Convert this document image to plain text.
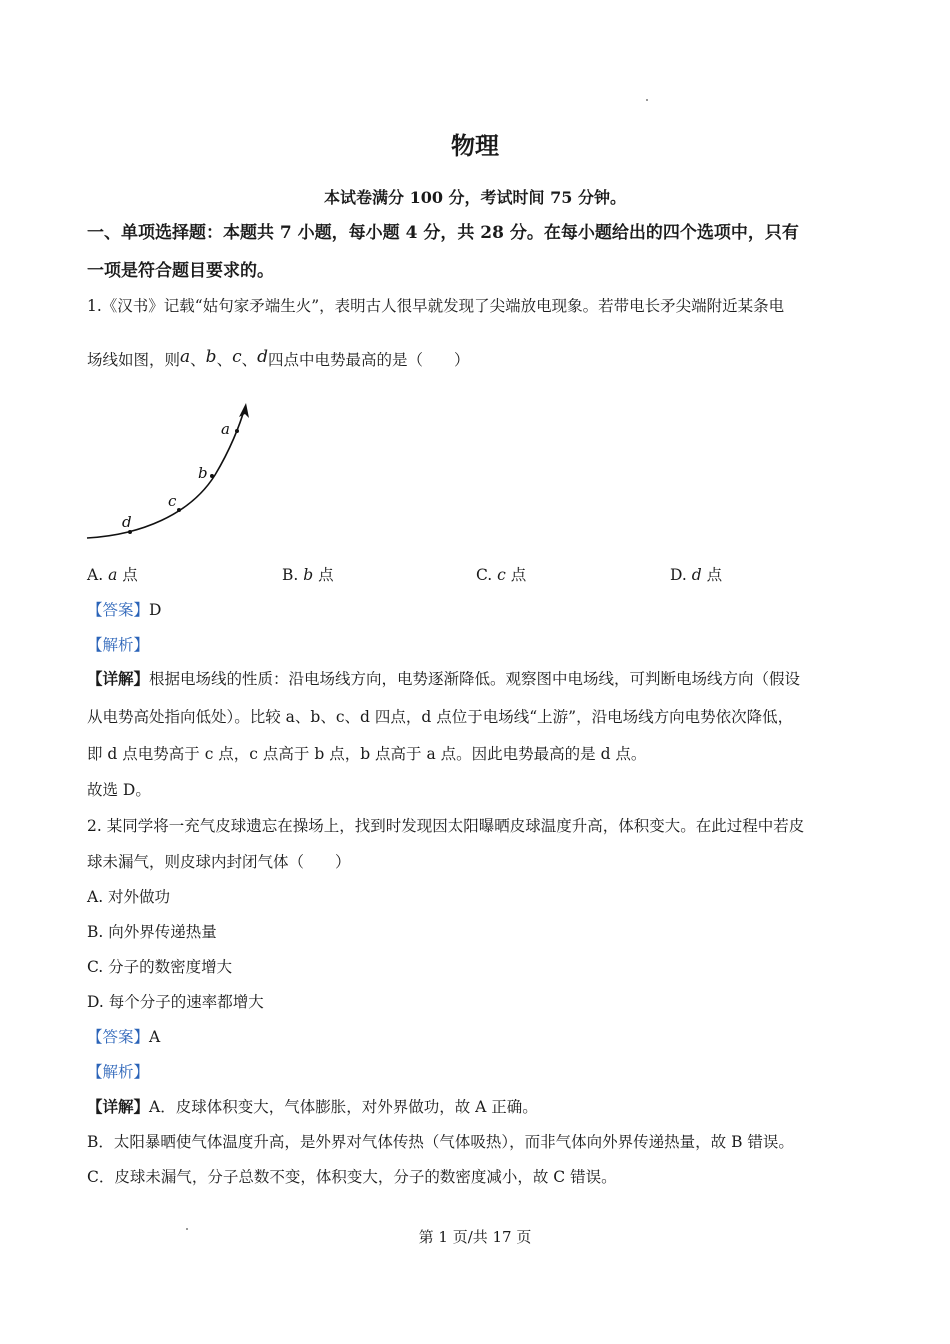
物理
本试卷满分 100 分，考试时间 75 分钟。
一、单项选择题：本题共 7 小题，每小题 4 分，共 28 分。在每小题给出的四个选项中，只有
一项是符合题目要求的。
1.《汉书》记载“姑句家矛端生火”，表明古人很早就发现了尖端放电现象。若带电长矛尖端附近某条电
场线如图，则a、b、c、d四点中电势最高的是（　　）
a
b
c
d
A. a 点	B. b 点	C. c 点	D. d 点
【答案】D
【解析】
【详解】根据电场线的性质：沿电场线方向，电势逐渐降低。观察图中电场线，可判断电场线方向（假设
从电势高处指向低处）。比较 a、b、c、d 四点，d 点位于电场线“上游”，沿电场线方向电势依次降低，
即 d 点电势高于 c 点，c 点高于 b 点，b 点高于 a 点。因此电势最高的是 d 点。
故选 D。
2. 某同学将一充气皮球遗忘在操场上，找到时发现因太阳曝晒皮球温度升高，体积变大。在此过程中若皮
球未漏气，则皮球内封闭气体（　　）
A. 对外做功
B. 向外界传递热量
C. 分子的数密度增大
D. 每个分子的速率都增大
【答案】A
【解析】
【详解】A．皮球体积变大，气体膨胀，对外界做功，故 A 正确。
B．太阳暴晒使气体温度升高，是外界对气体传热（气体吸热），而非气体向外界传递热量，故 B 错误。
C．皮球未漏气，分子总数不变，体积变大，分子的数密度减小，故 C 错误。
第 1 页/共 17 页
